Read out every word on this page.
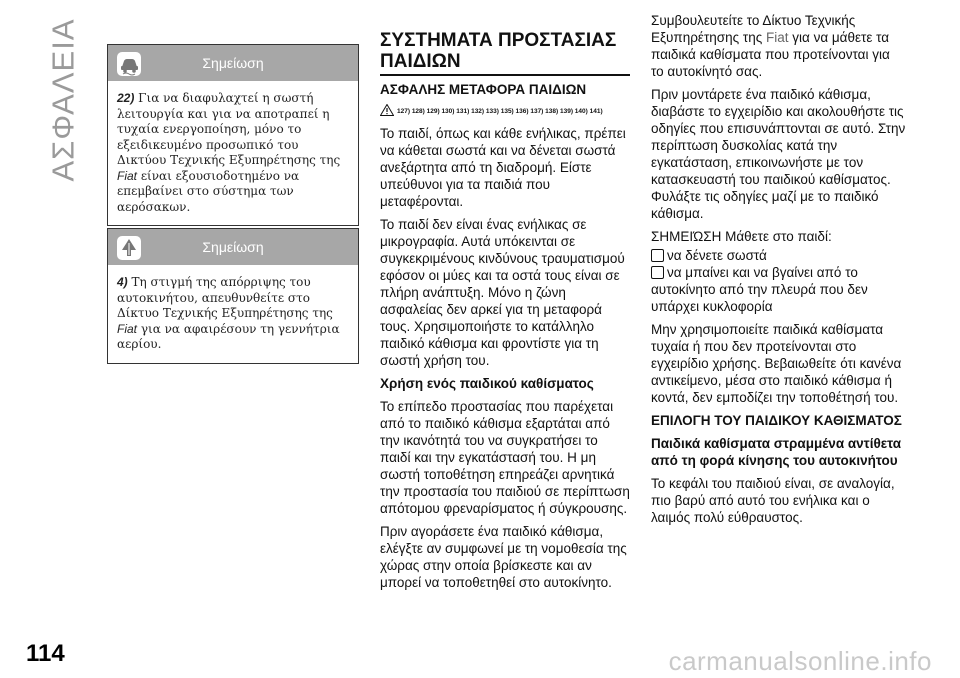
ΑΣΦΑΛΕΙΑ	Σημείωση
22) Για να διαφυλαχτεί η σωστή λειτουργία και για να αποτραπεί η τυχαία ενεργοποίηση, μόνο το εξειδικευμένο προσωπικό του Δικτύου Τεχνικής Εξυπηρέτησης της Fiat είναι εξουσιοδοτημένο να επεμβαίνει στο σύστημα των αερόσακων.
Σημείωση
4) Τη στιγμή της απόρριψης του αυτοκινήτου, απευθυνθείτε στο Δίκτυο Τεχνικής Εξυπηρέτησης της Fiat για να αφαιρέσουν τη γεννήτρια αερίου.
ΣΥΣΤΗΜΑΤΑ ΠΡΟΣΤΑΣΙΑΣ ΠΑΙΔΙΩΝ
ΑΣΦΑΛΗΣ ΜΕΤΑΦΟΡΑ ΠΑΙΔΙΩΝ
127) 128) 129) 130) 131) 132) 133) 135) 136) 137) 138) 139) 140) 141)

Το παιδί, όπως και κάθε ενήλικας, πρέπει να κάθεται σωστά και να δένεται σωστά ανεξάρτητα από τη διαδρομή. Είστε υπεύθυνοι για τα παιδιά που μεταφέρονται.

Το παιδί δεν είναι ένας ενήλικας σε μικρογραφία. Αυτά υπόκεινται σε συγκεκριμένους κινδύνους τραυματισμού εφόσον οι μύες και τα οστά τους είναι σε πλήρη ανάπτυξη. Μόνο η ζώνη ασφαλείας δεν αρκεί για τη μεταφορά τους. Χρησιμοποιήστε το κατάλληλο παιδικό κάθισμα και φροντίστε για τη σωστή χρήση του.

Χρήση ενός παιδικού καθίσματος

Το επίπεδο προστασίας που παρέχεται από το παιδικό κάθισμα εξαρτάται από την ικανότητά του να συγκρατήσει το παιδί και την εγκατάστασή του. Η μη σωστή τοποθέτηση επηρεάζει αρνητικά την προστασία του παιδιού σε περίπτωση απότομου φρεναρίσματος ή σύγκρουσης.

Πριν αγοράσετε ένα παιδικό κάθισμα, ελέγξτε αν συμφωνεί με τη νομοθεσία της χώρας στην οποία βρίσκεστε και αν μπορεί να τοποθετηθεί στο αυτοκίνητο.

Συμβουλευτείτε το Δίκτυο Τεχνικής Εξυπηρέτησης της Fiat για να μάθετε τα παιδικά καθίσματα που προτείνονται για το αυτοκίνητό σας.

Πριν μοντάρετε ένα παιδικό κάθισμα, διαβάστε το εγχειρίδιο και ακολουθήστε τις οδηγίες που επισυνάπτονται σε αυτό. Στην περίπτωση δυσκολίας κατά την εγκατάσταση, επικοινωνήστε με τον κατασκευαστή του παιδικού καθίσματος. Φυλάξτε τις οδηγίες μαζί με το παιδικό κάθισμα.

ΣΗΜΕΙΏΣΗ Μάθετε στο παιδί:

να δένετε σωστά

να μπαίνει και να βγαίνει από το αυτοκίνητο από την πλευρά που δεν υπάρχει κυκλοφορία

Μην χρησιμοποιείτε παιδικά καθίσματα τυχαία ή που δεν προτείνονται στο εγχειρίδιο χρήσης. Βεβαιωθείτε ότι κανένα αντικείμενο, μέσα στο παιδικό κάθισμα ή κοντά, δεν εμποδίζει την τοποθέτησή του.

ΕΠΙΛΟΓΗ ΤΟΥ ΠΑΙΔΙΚΟΥ ΚΑΘΙΣΜΑΤΟΣ
Παιδικά καθίσματα στραμμένα αντίθετα από τη φορά κίνησης του αυτοκινήτου

Το κεφάλι του παιδιού είναι, σε αναλογία, πιο βαρύ από αυτό του ενήλικα και ο λαιμός πολύ εύθραυστος.

114	carmanualsonline.info
